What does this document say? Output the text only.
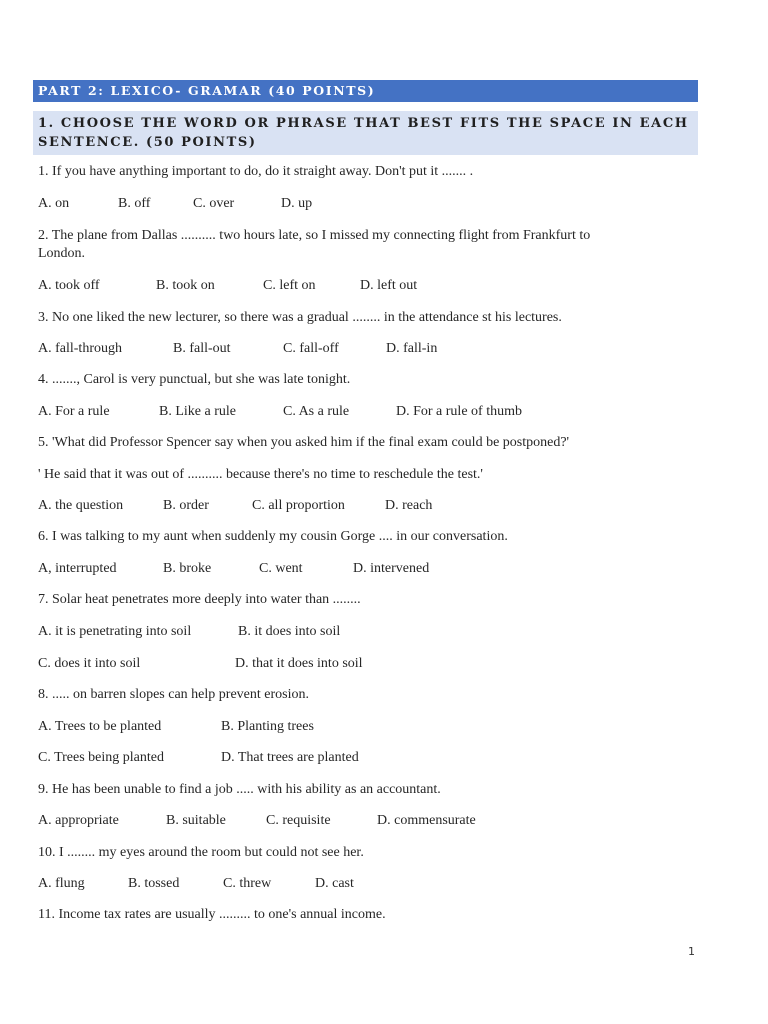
PART 2: LEXICO- GRAMAR (40 POINTS)
1. CHOOSE THE WORD OR PHRASE THAT BEST FITS THE SPACE IN EACH
SENTENCE. (50 POINTS)
1. If you have anything important to do, do it straight away. Don't put it ....... .

A. on

	B. off

	C. over

	D. up

2. The plane from Dallas .......... two hours late, so I missed my connecting flight from Frankfurt to
London.

A. took off

	B. took on

	C. left on

	D. left out

3. No one liked the new lecturer, so there was a gradual ........ in the attendance st his lectures.

A. fall-through

	B. fall-out

	C. fall-off

	D. fall-in

4. ......., Carol is very punctual, but she was late tonight.

A. For a rule

	B. Like a rule

	C. As a rule

	D. For a rule of thumb

5. 'What did Professor Spencer say when you asked him if the final exam could be postponed?'
' He said that it was out of .......... because there's no time to reschedule the test.'

A. the question

	B. order

	C. all proportion

	D. reach

6. I was talking to my aunt when suddenly my cousin Gorge .... in our conversation.

A, interrupted

	B. broke

	C. went

	D. intervened

7. Solar heat penetrates more deeply into water than ........

A. it is penetrating into soil

	B. it does into soil

C. does it into soil

	D. that it does into soil

8. ..... on barren slopes can help prevent erosion.

A. Trees to be planted

	B. Planting trees

C. Trees being planted

	D. That trees are planted

9. He has been unable to find a job ..... with his ability as an accountant.

A. appropriate

	B. suitable

	C. requisite

	D. commensurate

10. I ........ my eyes around the room but could not see her.

A. flung

	B. tossed

	C. threw

	D. cast

11. Income tax rates are usually ......... to one's annual income.
1
